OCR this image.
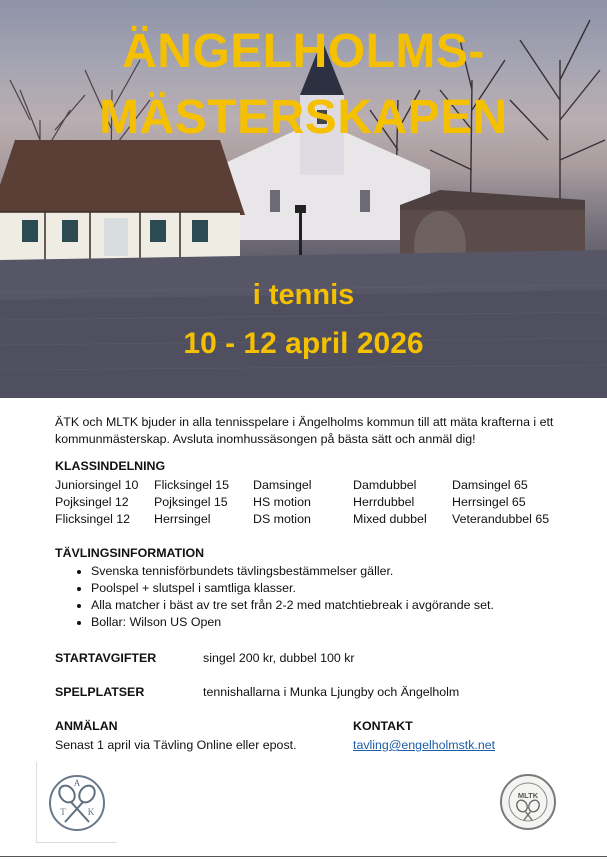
ÄNGELHOLMS-
MÄSTERSKAPEN
i tennis
10 - 12 april 2026

ÄTK och MLTK bjuder in alla tennisspelare i Ängelholms kommun till att mäta krafterna i ett kommunmästerskap. Avsluta inomhussäsongen på bästa sätt och anmäl dig!

KLASSINDELNING
Juniorsingel 10
Pojksingel 12
Flicksingel 12
Flicksingel 15
Pojksingel 15
Herrsingel
Damsingel
HS motion
DS motion
Damdubbel
Herrdubbel
Mixed dubbel
Damsingel 65
Herrsingel 65
Veterandubbel 65
TÄVLINGSINFORMATION
Svenska tennisförbundets tävlingsbestämmelser gäller.
Poolspel + slutspel i samtliga klasser.
Alla matcher i bäst av tre set från 2-2 med matchtiebreak i avgörande set.
Bollar: Wilson US Open
STARTAVGIFTER	singel 200 kr, dubbel 100 kr
SPELPLATSER	tennishallarna i Munka Ljungby och Ängelholm
ANMÄLAN
Senast 1 april via Tävling Online eller epost.
KONTAKT
tavling@engelholmstk.net
A
T K
MLTK
